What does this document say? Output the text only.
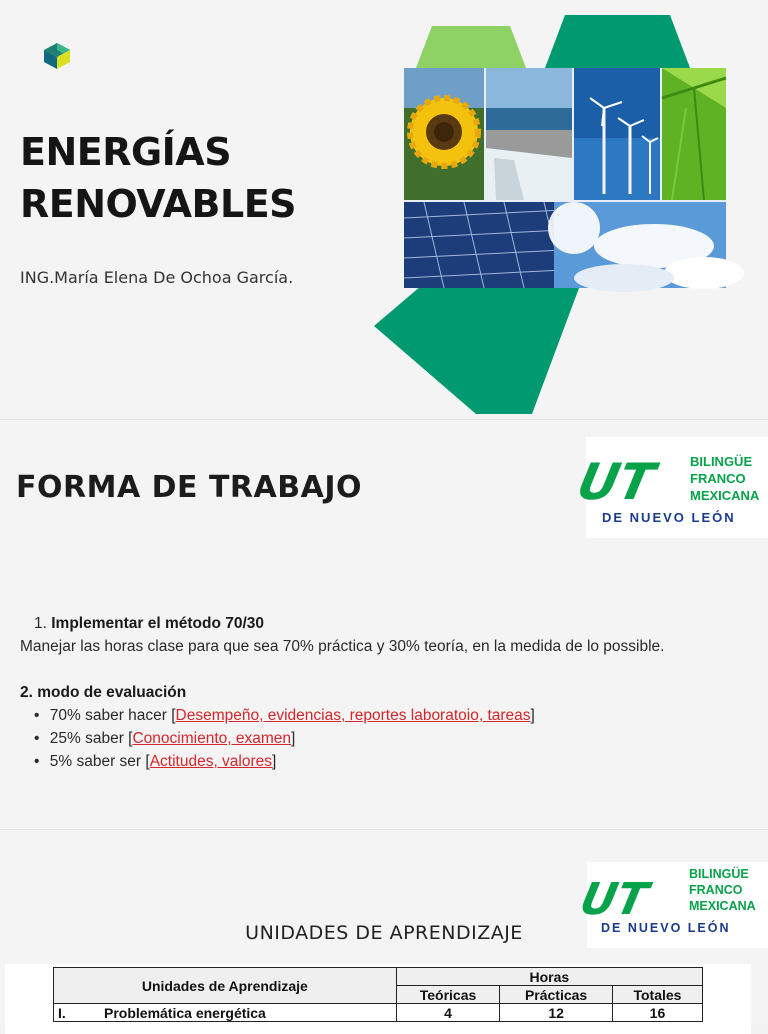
ENERGÍAS
RENOVABLES
ING.María Elena De Ochoa García.
FORMA DE TRABAJO	UT BILINGÜE
FRANCO
MEXICANA
DE NUEVO LEÓN
1. Implementar el método 70/30
Manejar las horas clase para que sea 70% práctica y 30% teoría, en la medida de lo possible.
2. modo de evaluación
• 70% saber hacer [Desempeño, evidencias, reportes laboratoio, tareas]
• 25% saber [Conocimiento, examen]
• 5% saber ser [Actitudes, valores]
UT
BILINGÜE
FRANCO
MEXICANA
DE NUEVO LEÓN
UNIDADES DE APRENDIZAJE
Unidades de Aprendizaje	Horas		
	Teóricas	Prácticas	Totales
I. Problemática energética	4	12	16
